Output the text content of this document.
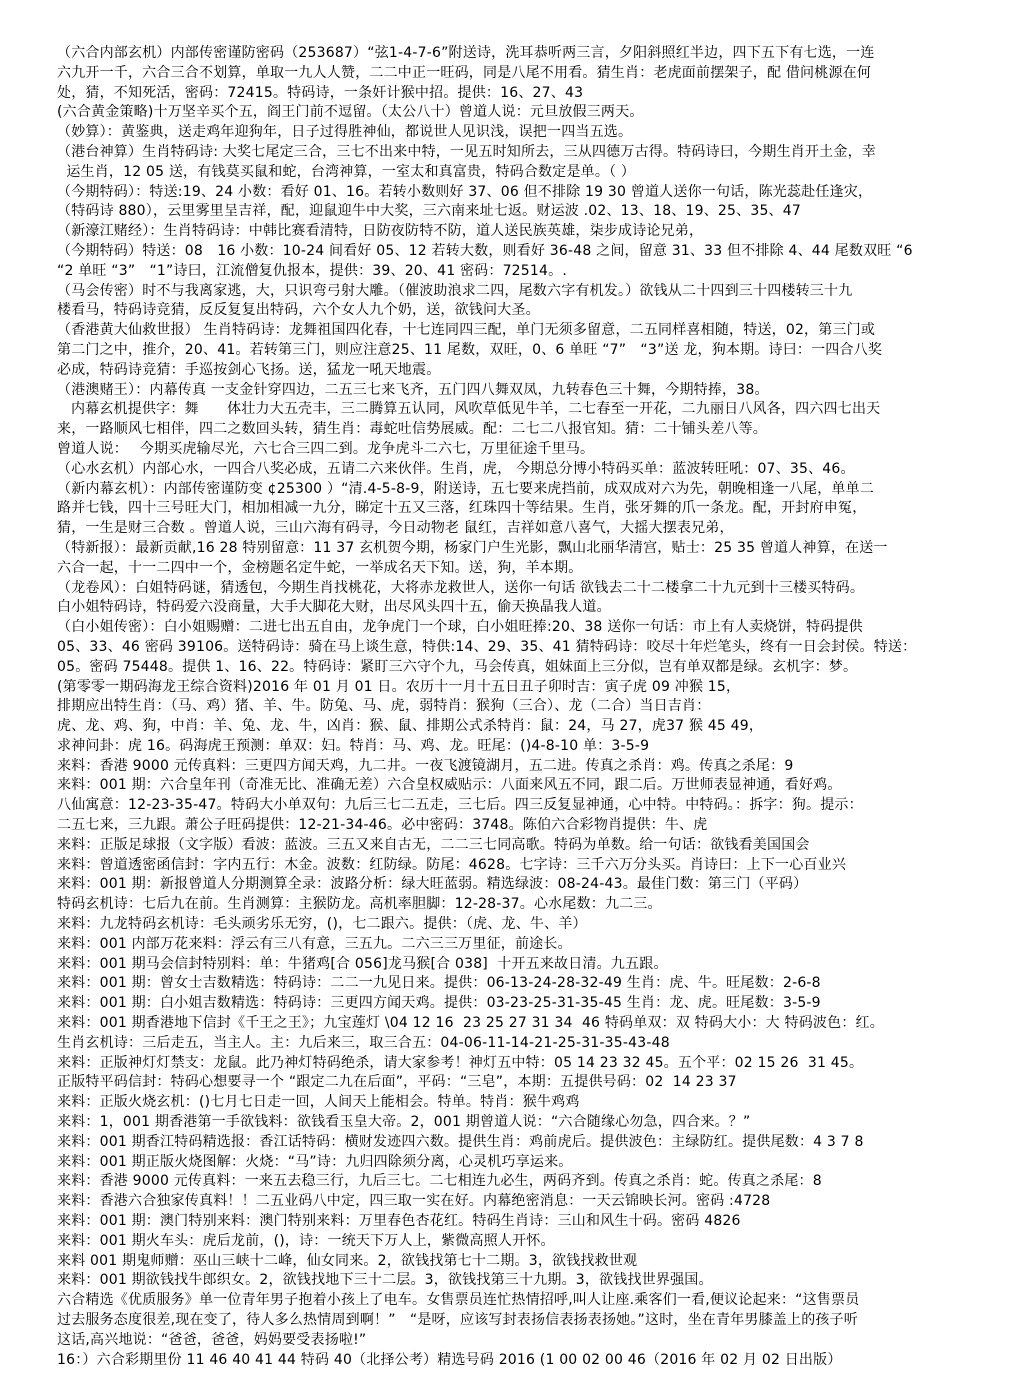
（六合内部玄机）内部传密谨防密码（253687）“弦1-4-7-6”附送诗，洗耳恭听两三言，夕阳斜照红半边，四下五下有七选，一连
六九开一千，六合三合不划算，单取一九人人赞，二二中正一旺码，同是八尾不用看。猜生肖：老虎面前摆架子，配 借问桃源在何
处，猜，不知死活，密码：72415。特码诗，一条奸计猴中招。提供：16、27、43
(六合黄金策略)十万坚辛买个五，阎王门前不逗留。（太公八十）曾道人说：元旦放假三两天。
（妙算）：黄鉴典，送走鸡年迎狗年，日子过得胜神仙，都说世人见识浅，误把一四当五选。
（港台神算）生肖特码诗: 大奖七尾定三合，三七不出来中特，一见五时知所去，三从四德万古得。特码诗曰，今期生肖开土金，幸
运生肖，12 05 送，有钱莫买鼠和蛇，台湾神算，一室太和真富贵，特码合数定是单。（ ）
（今期特码）：特送:19、24 小数：看好 01、16。若转小数则好 37、06 但不排除 19 30 曾道人送你一句话，陈光蕊赴任逢灾，
（特码诗 880），云里雾里呈吉祥，配，迎鼠迎牛中大奖，三六南来址七返。财运波 .02、13、18、19、25、35、47
（新濠江赌经）：生肖特码诗：中韩比赛看清特，日防夜防特不防，道人送民族英雄，柒步成诗论兄弟，
（今期特码）特送：08　16 小数：10-24 间看好 05、12 若转大数，则看好 36-48 之间，留意 31、33 但不排除 4、44 尾数双旺 “6
“2 单旺 “3”　“1”诗曰，江流僧复仇报本，提供：39、20、41 密码：72514。.
（马会传密）时不与我离家逃，大，只识弯弓射大雕。（催波助浪求二四，尾数六字有机发。）欲钱从二十四到三十四楼转三十九
楼看马，特码诗竞猜，反反复复出特码，六个女人九个奶，送，欲钱问大圣。
（香港黄大仙救世报） 生肖特码诗：龙舞祖国四化春，十七连同四三配，单门无须多留意，二五同样喜相随，特送，02，第三门或
第二门之中，推介，20、41。若转第三门，则应注意25、11 尾数，双旺，0、6 单旺 “7”　“3”送 龙，狗本期。诗曰：一四合八奖
必成，特码诗竞猜：手巡按剑心飞扬。送，猛龙一吼天地震。
（港澳赌王）：内幕传真 一支金针穿四边，二五三七来飞齐，五门四八舞双凤，九转春色三十舞，今期特捧，38。
内幕玄机提供字：舞　　体壮力大五壳丰，三二腾算五认同，风吹草低见牛羊，二七春至一开花，二九丽日八风各，四六四七出天
来，一路顺风七相伴，四二之数回头转，猜生肖：毒蛇吐信势展威。配：二七二八报官知。猜：二十铺头差八等。
曾道人说：　 今期买虎输尽光，六七合三四二到。龙争虎斗二六七，万里征途千里马。
（心水玄机）内部心水，一四合八奖必成，五请二六来伙伴。生肖，虎， 今期总分博小特码买单：蓝波转旺吼：07、35、46。
（新内幕玄机）：内部传密谨防变 ¢25300 ）“清.4-5-8-9，附送诗，五七要来虎挡前，成双成对六为先，朝晚相逢一八尾，单单二
路并七钱，四十三号旺大门，相加相减一九分，睇定十五又三落，红珠四十等结果。生肖，张牙舞的爪一条龙。配，开封府申冤，
猜，一生是财三合数 。曾道人说，三山六海有码寻，今日动物老 鼠红，吉祥如意八喜气，大摇大摆表兄弟，
（特新报）：最新贡献,16 28 特别留意：11 37 玄机贺今期，杨家门户生光影，飘山北丽华清宫，贴士：25 35 曾道人神算，在送一
六合一起，十一二四中一个，金榜题名定牛蛇，一举成名天下知。送，狗，羊本期。
（龙卷风）：白姐特码谜，猜透包，今期生肖找桃花，大将赤龙救世人，送你一句话 欲钱去二十二楼拿二十九元到十三楼买特码。
白小姐特码诗，特码爱六没商量，大手大脚花大财，出尽风头四十五，偷天换晶我人道。
（白小姐传密）：白小姐赐赠：二进七出五自由，龙争虎门一个球，白小姐旺捧:20、38 送你一句话：市上有人卖烧饼，特码提供
05、33、46 密码 39106。送特码诗：骑在马上谈生意，特供:14、29、35、41 猜特码诗：咬尽十年烂笔头，终有一日会封侯。特送：
05。密码 75448。提供 1、16、22。特码诗：紧盯三六守个九，马会传真，姐妹面上三分似，岂有单双都是绿。玄机字：梦。
(第零零一期码海龙王综合资料)2016 年 01 月 01 日。农历十一月十五日丑子卯时吉：寅子虎 09 冲猴 15，
排期应出特生肖：（马、鸡）猪、羊、牛。防兔、马、虎，弱特肖：猴狗（三合）、龙（二合）当日吉肖：
虎、龙、鸡、狗，中肖：羊、兔、龙、牛，凶肖：猴、鼠、排期公式杀特肖：鼠：24，马 27，虎37 猴 45 49，
求神问卦：虎 16。码海虎王预测：单双：妇。特肖：马、鸡、龙。旺尾：()4-8-10 单：3-5-9
来料：香港 9000 元传真料：三更四方闻天鸡，九二井。一夜飞渡镜湖月，五二进。传真之杀肖：鸡。传真之杀尾：9
来料：001 期：六合皇年刊（奇准无比、准确无差）六合皇权威贴示：八面来风五不同，跟二后。万世师表显神通，看好鸡。
八仙寓意：12-23-35-47。特码大小单双句：九后三七二五走，三七后。四三反复显神通，心中特。中特码。：拆字：狗。提示：
二五七来，三九跟。萧公子旺码提供：12-21-34-46。必中密码：3748。陈伯六合彩物肖提供：牛、虎
来料：正版足球报（文字版）看波：蓝波。三五又来自古无，二二三七同高歌。特码为单数。给一句话：欲钱看美国国会
来料：曾道透密函信封：字内五行：木金。波数：红防绿。防尾：4628。七字诗：三千六万分头买。肖诗曰：上下一心百业兴
来料：001 期：新报曾道人分期测算全录：波路分析：绿大旺蓝弱。精选绿波：08-24-43。最佳门数：第三门（平码）
特码玄机诗：七后九在前。生肖测算：主猴防龙。高机率胆脚：12-28-37。心水尾数：九二三。
来料：九龙特码玄机诗：毛头顽劣乐无穷，()，七二跟六。提供：（虎、龙、牛、羊）
来料：001 内部万花来料：浮云有三八有意，三五九。二六三三万里征，前途长。
来料：001 期马会信封特别料：单：牛猪鸡[合 056]龙马猴[合 038]  十开五来故日清。九五跟。
来料：001 期：曾女士吉数精选：特码诗：二二一九见日来。提供：06-13-24-28-32-49 生肖：虎、牛。旺尾数：2-6-8
来料：001 期：白小姐吉数精选：特码诗：三更四方闻天鸡。提供：03-23-25-31-35-45 生肖：龙、虎。旺尾数：3-5-9
来料：001 期香港地下信封《千王之王》；九宝莲灯 \04 12 16  23 25 27 31 34  46 特码单双：双 特码大小：大 特码波色：红。
生肖玄机诗：三后走五，当主人。主：九后来三，取三合五：04-06-11-14-21-25-31-35-43-48
来料：正版神灯灯禁支：龙鼠。此乃神灯特码绝杀，请大家参考！神灯五中特：05 14 23 32 45。五个平：02 15 26  31 45。
正版特平码信封：特码心想要寻一个 “跟定二九在后面”，平码：“三皂”，本期：五提供号码：02  14 23 37
来料：正版火烧玄机：()七月七日走一回，人间天上能相会。特单。特肖：猴牛鸡鸡
来料：1，001 期香港第一手欲钱料：欲钱看玉皇大帝。2，001 期曾道人说：“六合随缘心勿急，四合来。？”
来料：001 期香江特码精选报：香江话特码：横财发迹四六数。提供生肖：鸡前虎后。提供波色：主绿防红。提供尾数：4 3 7 8
来料：001 期正版火烧图解：火烧：“马”诗：九归四除须分离，心灵机巧享运来。
来料：香港 9000 元传真料：一来五去稳三行，九后三七。二七相连九必生，两码齐到。传真之杀肖：蛇。传真之杀尾：8
来料：香港六合独家传真料！！二五业码八中定，四三取一实在好。内幕绝密消息：一天云锦映长河。密码 :4728
来料：001 期：澳门特别来料：澳门特别来料：万里春色杏花红。特码生肖诗：三山和风生十码。密码 4826
来料：001 期火车头：虎后龙前，()，诗：一统天下万人上，紫微高照人开怀。
来料 001 期鬼师赠：巫山三峡十二峰，仙女同来。2，欲钱找第七十二期。3，欲钱找救世观
来料：001 期欲钱找牛郎织女。2，欲钱找地下三十二层。3，欲钱找第三十九期。3，欲钱找世界强国。
六合精选《优质服务》单一位青年男子抱着小孩上了电车。女售票员连忙热情招呼,叫人让座.乘客们一看,便议论起来：“这售票员
过去服务态度很差,现在变了，待人多么热情周到啊！”　“是呀，应该写封表扬信表扬表扬她。”这时，坐在青年男膝盖上的孩子听
这话,高兴地说：“爸爸，爸爸，妈妈要受表扬啦!”
16：）六合彩期里份 11 46 40 41 44 特码 40（北择公考）精选号码 2016 (1 00 02 00 46（2016 年 02 月 02 日出版）
